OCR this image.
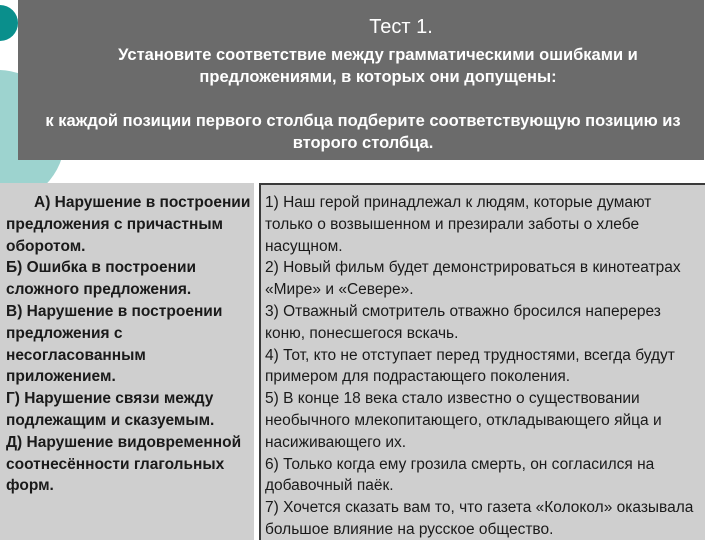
Тест 1.
Установите соответствие между грамматическими ошибками и предложениями, в которых они допущены:
к каждой позиции первого столбца подберите соответствующую позицию из второго столбца.

А) Нарушение в построении предложения с причастным оборотом.

Б) Ошибка в построении сложного предложения.

В) Нарушение в построении предложения с несогласованным приложением.

Г) Нарушение связи между подлежащим и сказуемым.

Д) Нарушение видовременной соотнесённости глагольных форм.

1) Наш герой принадлежал к людям, которые думают только о возвышенном и презирали заботы о хлебе насущном.

2) Новый фильм будет демонстрироваться в кинотеатрах «Мире» и «Северe».

3) Отважный смотритель отважно бросился наперерез коню, понесшегося вскачь.

4) Тот, кто не отступает перед трудностями, всегда будут примером для подрастающего поколения.

5) В конце 18 века стало известно о существовании необычного млекопитающего, откладывающего яйца и насиживающего их.

6) Только когда ему грозила смерть, он согласился на добавочный паёк.

7) Хочется сказать вам то, что газета «Колокол» оказывала большое влияние на русское общество.
